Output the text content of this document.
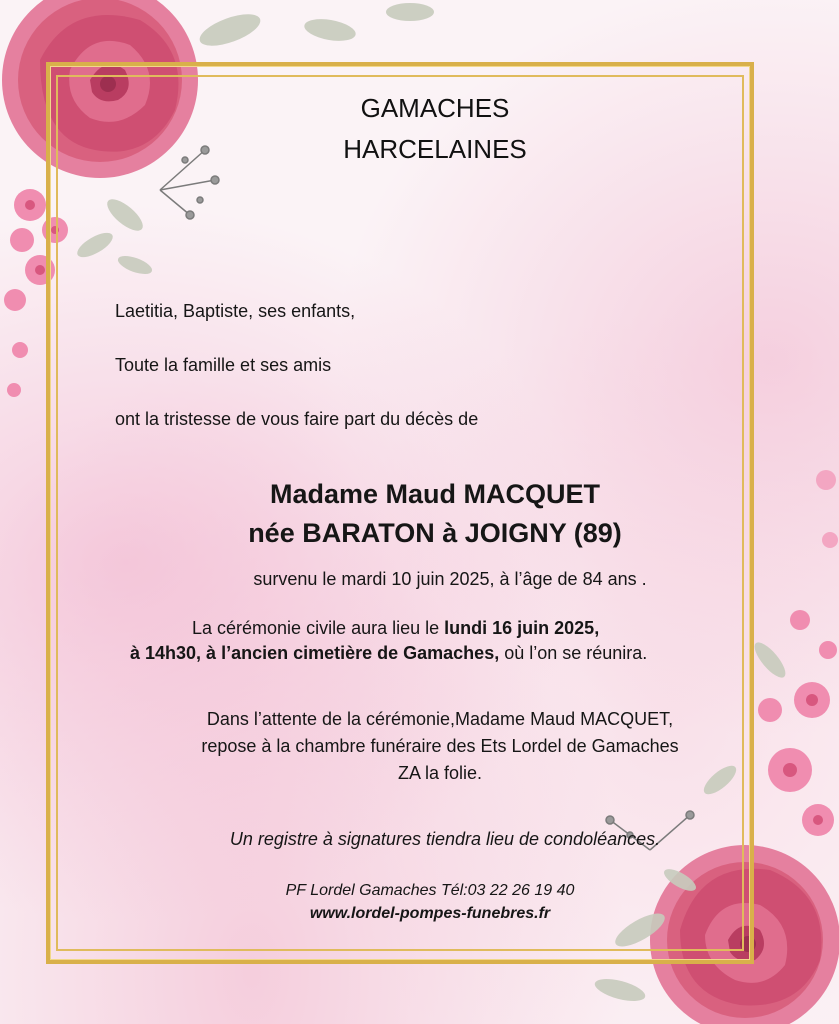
GAMACHES
HARCELAINES
Laetitia, Baptiste, ses enfants,
Toute la famille et ses amis
ont la tristesse de vous faire part du décès de
Madame Maud MACQUET
née BARATON à JOIGNY (89)
survenu le mardi 10 juin 2025, à l’âge de 84 ans .
La cérémonie civile aura lieu le lundi 16 juin 2025,
à 14h30, à l’ancien cimetière de Gamaches, où l’on se réunira.
Dans l’attente de la cérémonie,Madame Maud MACQUET,
repose à la chambre funéraire des Ets Lordel de Gamaches
ZA la folie.
Un registre à signatures tiendra lieu de condoléances.
PF Lordel Gamaches Tél:03 22 26 19 40
www.lordel-pompes-funebres.fr
